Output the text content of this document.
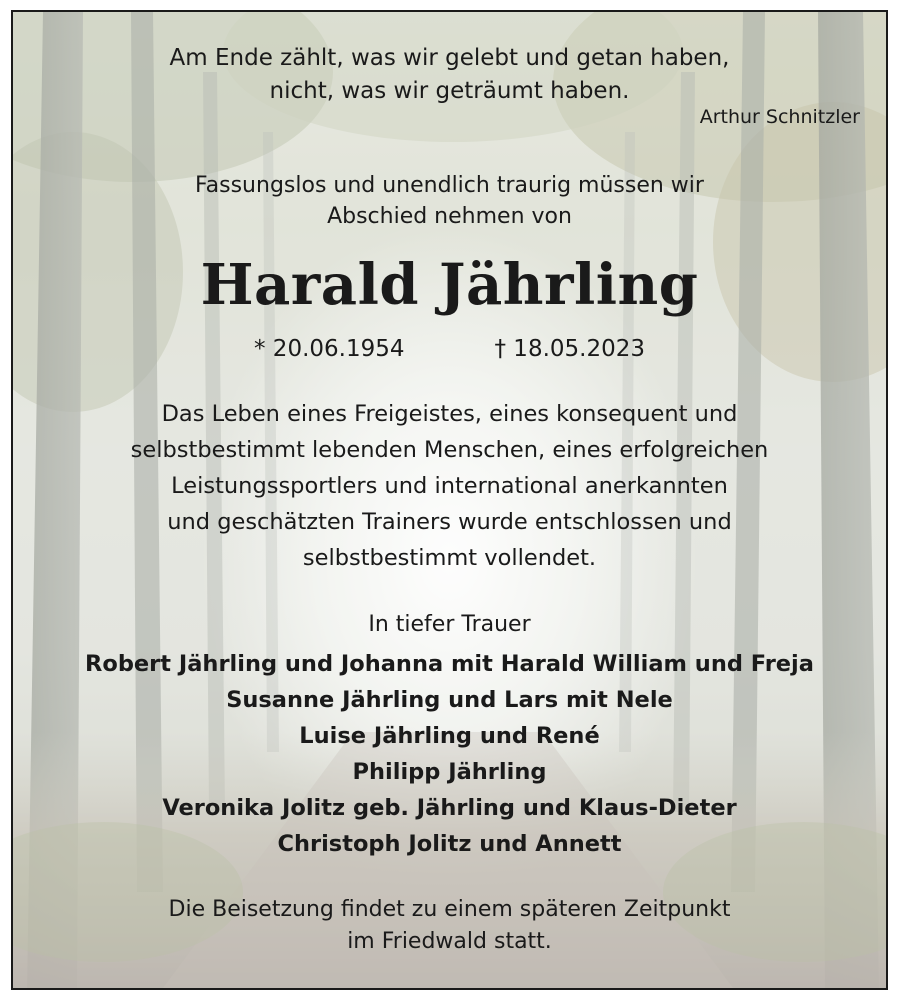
Am Ende zählt, was wir gelebt und getan haben,
nicht, was wir geträumt haben.
Arthur Schnitzler
Fassungslos und unendlich traurig müssen wir
Abschied nehmen von
Harald Jährling
* 20.06.1954	† 18.05.2023
Das Leben eines Freigeistes, eines konsequent und
selbstbestimmt lebenden Menschen, eines erfolgreichen
Leistungssportlers und international anerkannten
und geschätzten Trainers wurde entschlossen und
selbstbestimmt vollendet.
In tiefer Trauer
Robert Jährling und Johanna mit Harald William und Freja
Susanne Jährling und Lars mit Nele
Luise Jährling und René
Philipp Jährling
Veronika Jolitz geb. Jährling und Klaus-Dieter
Christoph Jolitz und Annett
Die Beisetzung findet zu einem späteren Zeitpunkt
im Friedwald statt.
